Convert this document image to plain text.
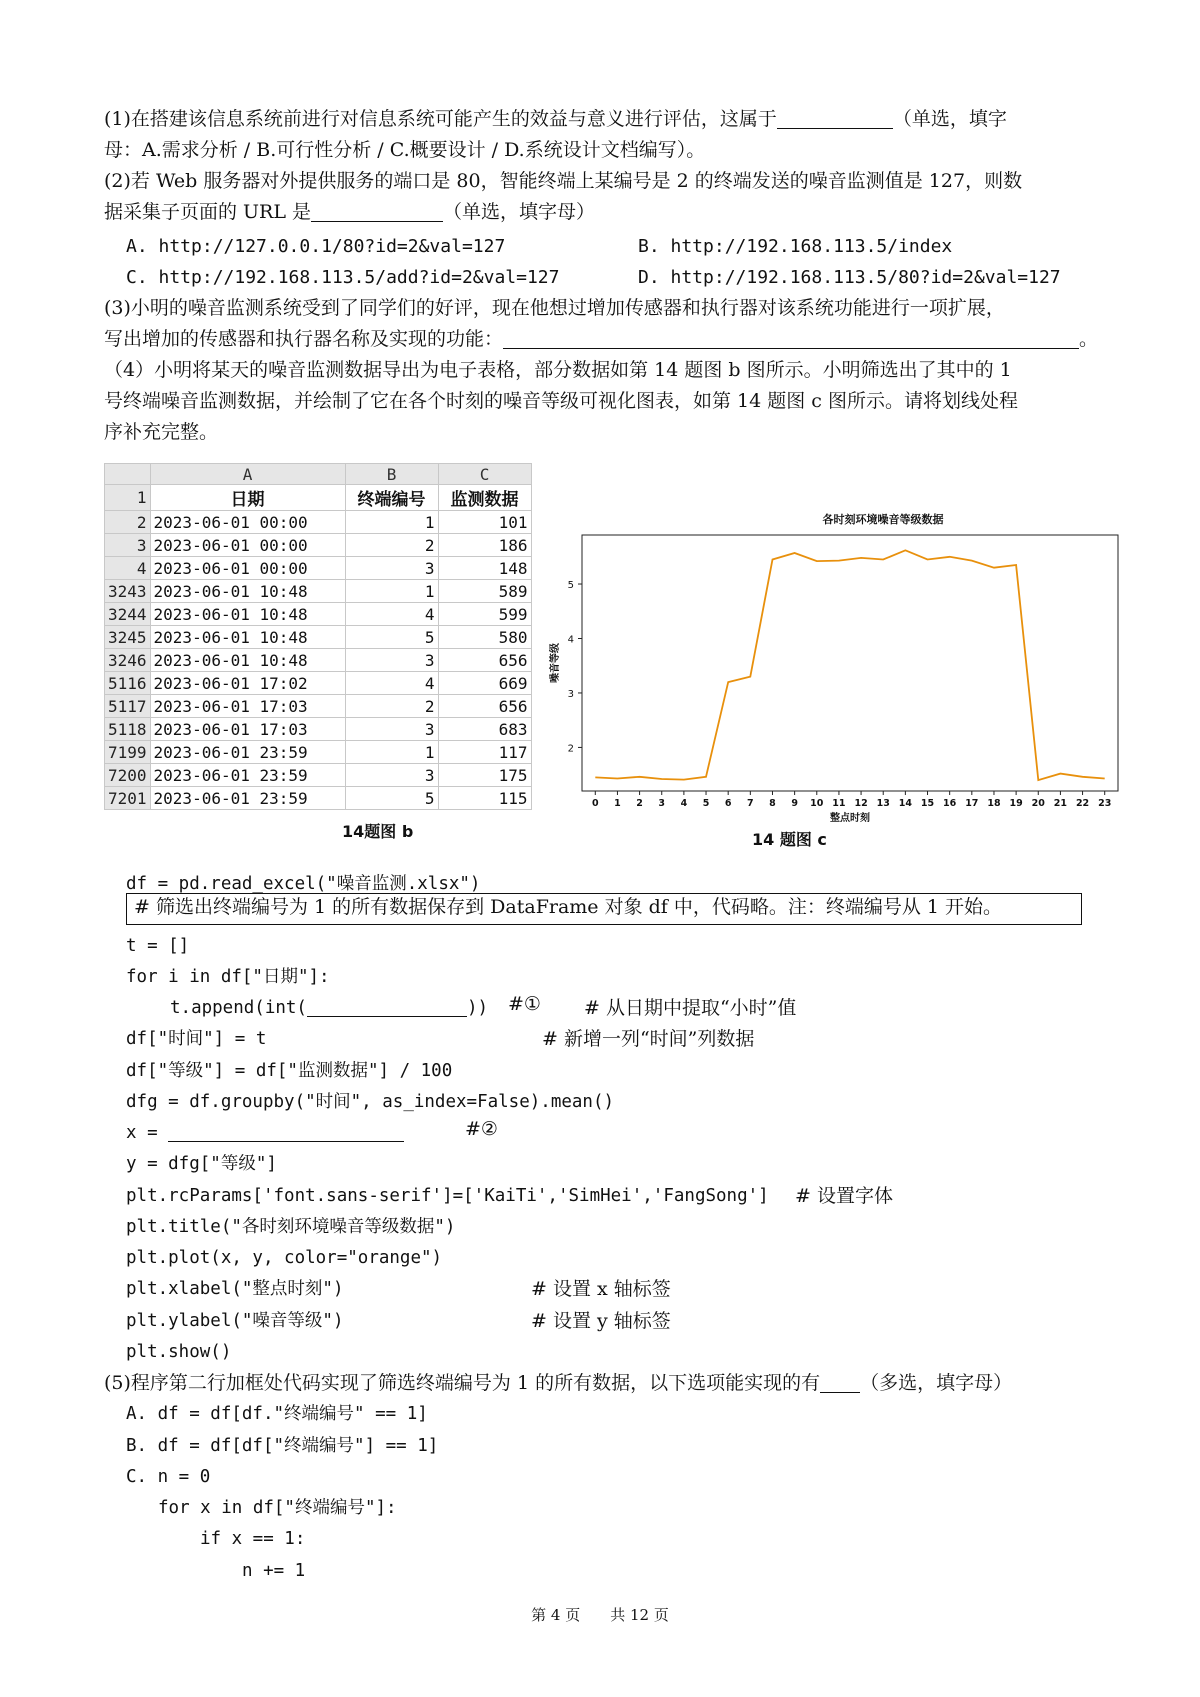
(1)在搭建该信息系统前进行对信息系统可能产生的效益与意义进行评估，这属于	（单选，填字
母：A.需求分析 / B.可行性分析 / C.概要设计 / D.系统设计文档编写）。
(2)若 Web 服务器对外提供服务的端口是 80，智能终端上某编号是 2 的终端发送的噪音监测值是 127，则数
据采集子页面的 URL 是	（单选，填字母）
A. http://127.0.0.1/80?id=2&val=127	B. http://192.168.113.5/index
C. http://192.168.113.5/add?id=2&val=127	D. http://192.168.113.5/80?id=2&val=127
(3)小明的噪音监测系统受到了同学们的好评，现在他想过增加传感器和执行器对该系统功能进行一项扩展，
写出增加的传感器和执行器名称及实现的功能：	。
（4）小明将某天的噪音监测数据导出为电子表格，部分数据如第 14 题图 b 图所示。小明筛选出了其中的 1
号终端噪音监测数据，并绘制了它在各个时刻的噪音等级可视化图表，如第 14 题图 c 图所示。请将划线处程
序补充完整。
	A	B	C
1	日期	终端编号	监测数据
2	2023-06-01 00:00	1	101
3	2023-06-01 00:00	2	186
4	2023-06-01 00:00	3	148
3243	2023-06-01 10:48	1	589
3244	2023-06-01 10:48	4	599
3245	2023-06-01 10:48	5	580
3246	2023-06-01 10:48	3	656
5116	2023-06-01 17:02	4	669
5117	2023-06-01 17:03	2	656
5118	2023-06-01 17:03	3	683
7199	2023-06-01 23:59	1	117
7200	2023-06-01 23:59	3	175
7201	2023-06-01 23:59	5	115
14题图 b
各时刻环境噪音等级数据
2
3
4
5
0 1 2 3 4 5 6 7 8 9 10 11 12 13 14 15 16 17 18 19 20 21 22 23
整点时刻
噪音等级
14 题图 c
df = pd.read_excel("噪音监测.xlsx")
# 筛选出终端编号为 1 的所有数据保存到 DataFrame 对象 df 中，代码略。注：终端编号从 1 开始。
t = []
for i in df["日期"]:
t.append(int(	)) #① # 从日期中提取“小时”值
df["时间"] = t	# 新增一列“时间”列数据
df["等级"] = df["监测数据"] / 100
dfg = df.groupby("时间", as_index=False).mean()
x =	#②
y = dfg["等级"]
plt.rcParams['font.sans-serif']=['KaiTi','SimHei','FangSong'] # 设置字体
plt.title("各时刻环境噪音等级数据")
plt.plot(x, y, color="orange")
plt.xlabel("整点时刻")	# 设置 x 轴标签
plt.ylabel("噪音等级")	# 设置 y 轴标签
plt.show()
(5)程序第二行加框处代码实现了筛选终端编号为 1 的所有数据，以下选项能实现的有 （多选，填字母）
A. df = df[df."终端编号" == 1]
B. df = df[df["终端编号"] == 1]
C. n = 0
for x in df["终端编号"]:
if x == 1:
n += 1
第 4 页　　共 12 页
